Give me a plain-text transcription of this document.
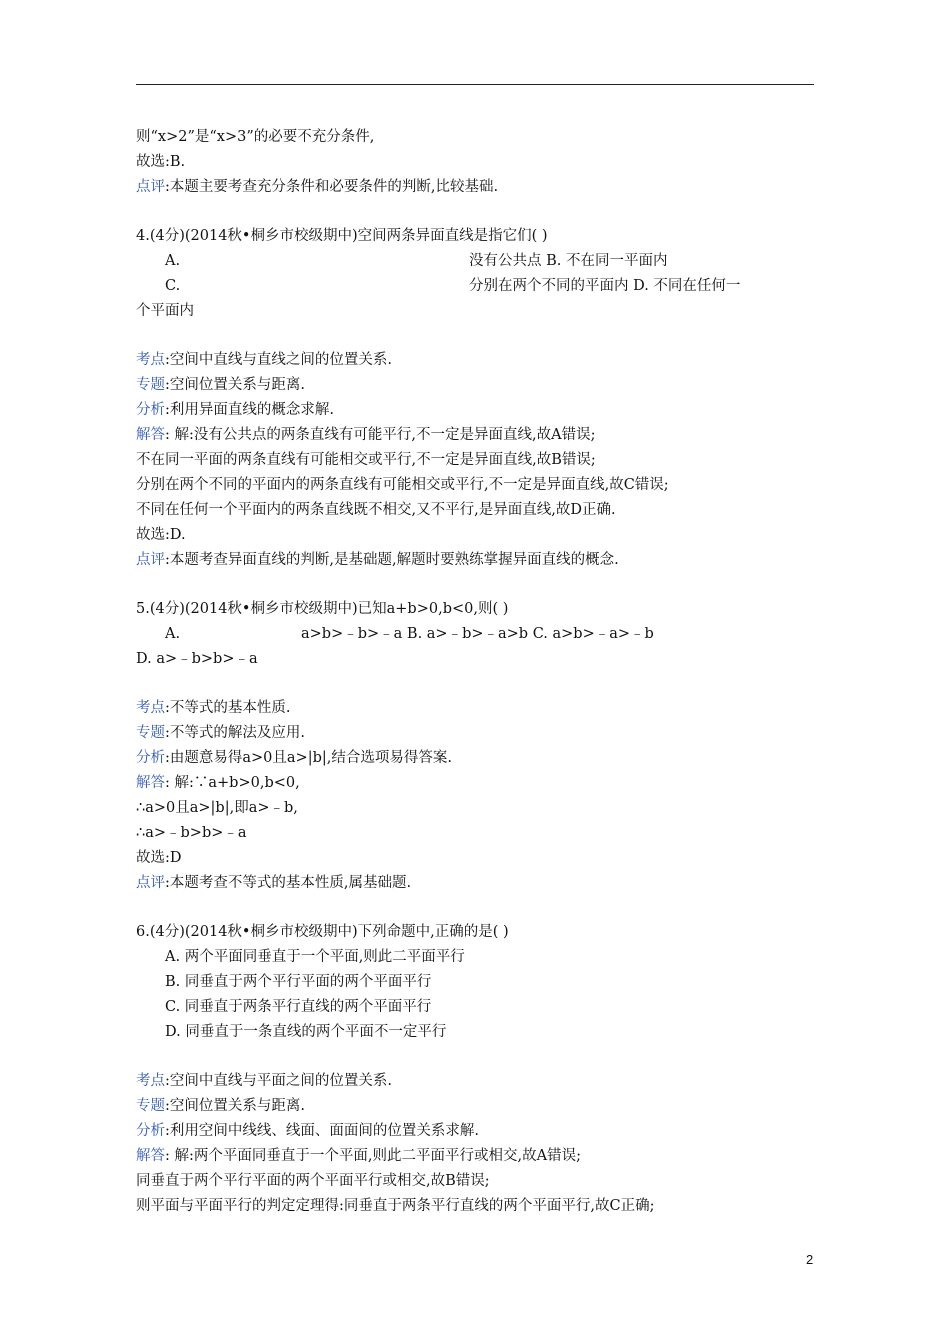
则“x>2”是“x>3”的必要不充分条件,
故选:B.
点评:本题主要考查充分条件和必要条件的判断,比较基础.
4.(4分)(2014秋•桐乡市校级期中)空间两条异面直线是指它们( )
A.	没有公共点 B. 不在同一平面内
C.	分别在两个不同的平面内 D. 不同在任何一
个平面内
考点:空间中直线与直线之间的位置关系.
专题:空间位置关系与距离.
分析:利用异面直线的概念求解.
解答: 解:没有公共点的两条直线有可能平行,不一定是异面直线,故A错误;
不在同一平面的两条直线有可能相交或平行,不一定是异面直线,故B错误;
分别在两个不同的平面内的两条直线有可能相交或平行,不一定是异面直线,故C错误;
不同在任何一个平面内的两条直线既不相交,又不平行,是异面直线,故D正确.
故选:D.
点评:本题考查异面直线的判断,是基础题,解题时要熟练掌握异面直线的概念.
5.(4分)(2014秋•桐乡市校级期中)已知a+b>0,b<0,则( )
A.	a>b>﹣b>﹣a B. a>﹣b>﹣a>b C. a>b>﹣a>﹣b
D. a>﹣b>b>﹣a
考点:不等式的基本性质.
专题:不等式的解法及应用.
分析:由题意易得a>0且a>|b|,结合选项易得答案.
解答: 解:∵a+b>0,b<0,
∴a>0且a>|b|,即a>﹣b,
∴a>﹣b>b>﹣a
故选:D
点评:本题考查不等式的基本性质,属基础题.
6.(4分)(2014秋•桐乡市校级期中)下列命题中,正确的是( )
A. 两个平面同垂直于一个平面,则此二平面平行
B. 同垂直于两个平行平面的两个平面平行
C. 同垂直于两条平行直线的两个平面平行
D. 同垂直于一条直线的两个平面不一定平行
考点:空间中直线与平面之间的位置关系.
专题:空间位置关系与距离.
分析:利用空间中线线、线面、面面间的位置关系求解.
解答: 解:两个平面同垂直于一个平面,则此二平面平行或相交,故A错误;
同垂直于两个平行平面的两个平面平行或相交,故B错误;
则平面与平面平行的判定定理得:同垂直于两条平行直线的两个平面平行,故C正确;
2
